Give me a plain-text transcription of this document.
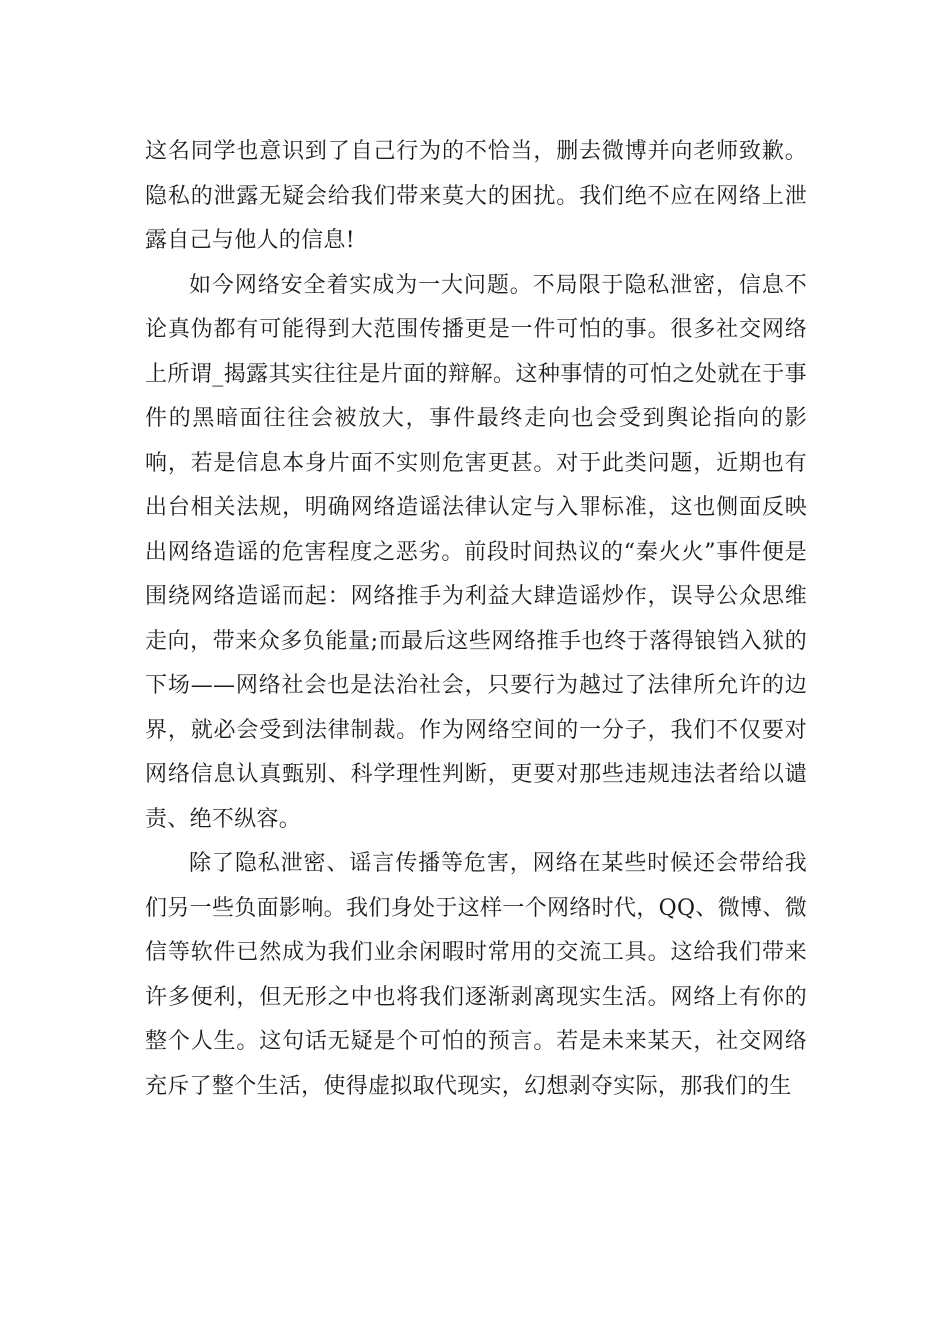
这名同学也意识到了自己行为的不恰当，删去微博并向老师致歉。隐私的泄露无疑会给我们带来莫大的困扰。我们绝不应在网络上泄露自己与他人的信息!

如今网络安全着实成为一大问题。不局限于隐私泄密，信息不论真伪都有可能得到大范围传播更是一件可怕的事。很多社交网络上所谓_揭露其实往往是片面的辩解。这种事情的可怕之处就在于事件的黑暗面往往会被放大，事件最终走向也会受到舆论指向的影响，若是信息本身片面不实则危害更甚。对于此类问题，近期也有出台相关法规，明确网络造谣法律认定与入罪标准，这也侧面反映出网络造谣的危害程度之恶劣。前段时间热议的“秦火火”事件便是围绕网络造谣而起：网络推手为利益大肆造谣炒作，误导公众思维走向，带来众多负能量;而最后这些网络推手也终于落得锒铛入狱的下场——网络社会也是法治社会，只要行为越过了法律所允许的边界，就必会受到法律制裁。作为网络空间的一分子，我们不仅要对网络信息认真甄别、科学理性判断，更要对那些违规违法者给以谴责、绝不纵容。

除了隐私泄密、谣言传播等危害，网络在某些时候还会带给我们另一些负面影响。我们身处于这样一个网络时代，QQ、微博、微信等软件已然成为我们业余闲暇时常用的交流工具。这给我们带来许多便利，但无形之中也将我们逐渐剥离现实生活。网络上有你的整个人生。这句话无疑是个可怕的预言。若是未来某天，社交网络充斥了整个生活，使得虚拟取代现实，幻想剥夺实际，那我们的生
